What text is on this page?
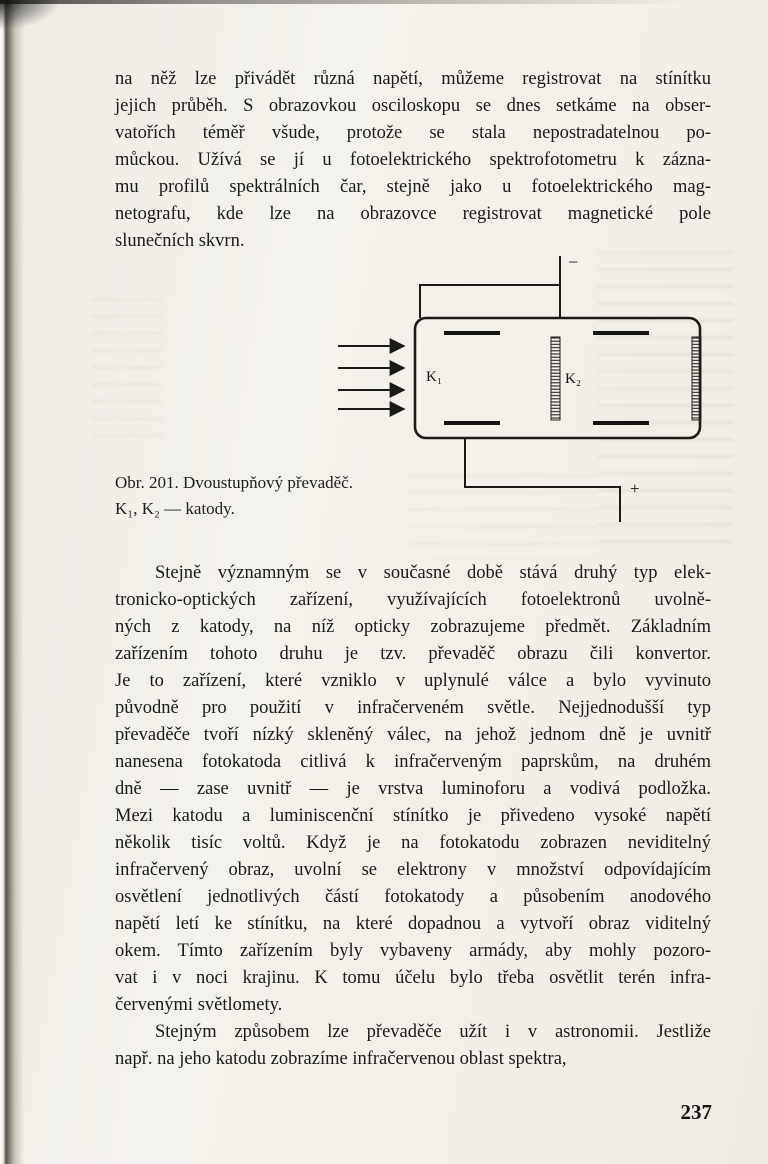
na něž lze přivádět různá napětí, můžeme registrovat na stínítku
jejich průběh. S obrazovkou osciloskopu se dnes setkáme na obser-
vatořích téměř všude, protože se stala nepostradatelnou po-
můckou. Užívá se jí u fotoelektrického spektrofotometru k zázna-
mu profilů spektrálních čar, stejně jako u fotoelektrického mag-
netografu, kde lze na obrazovce registrovat magnetické pole
slunečních skvrn.
−
+
K₁	K₂
Obr. 201. Dvoustupňový převaděč.
K₁, K₂ — katody.
Stejně významným se v současné době stává druhý typ elek-
tronicko-optických zařízení, využívajících fotoelektronů uvolně-
ných z katody, na níž opticky zobrazujeme předmět. Základním
zařízením tohoto druhu je tzv. převaděč obrazu čili konvertor.
Je to zařízení, které vzniklo v uplynulé válce a bylo vyvinuto
původně pro použití v infračerveném světle. Nejjednodušší typ
převaděče tvoří nízký skleněný válec, na jehož jednom dně je uvnitř
nanesena fotokatoda citlivá k infračerveným paprskům, na druhém
dně — zase uvnitř — je vrstva luminoforu a vodivá podložka.
Mezi katodu a luminiscenční stínítko je přivedeno vysoké napětí
několik tisíc voltů. Když je na fotokatodu zobrazen neviditelný
infračervený obraz, uvolní se elektrony v množství odpovídajícím
osvětlení jednotlivých částí fotokatody a působením anodového
napětí letí ke stínítku, na které dopadnou a vytvoří obraz viditelný
okem. Tímto zařízením byly vybaveny armády, aby mohly pozoro-
vat i v noci krajinu. K tomu účelu bylo třeba osvětlit terén infra-
červenými světlomety.
Stejným způsobem lze převaděče užít i v astronomii. Jestliže
např. na jeho katodu zobrazíme infračervenou oblast spektra,
237
